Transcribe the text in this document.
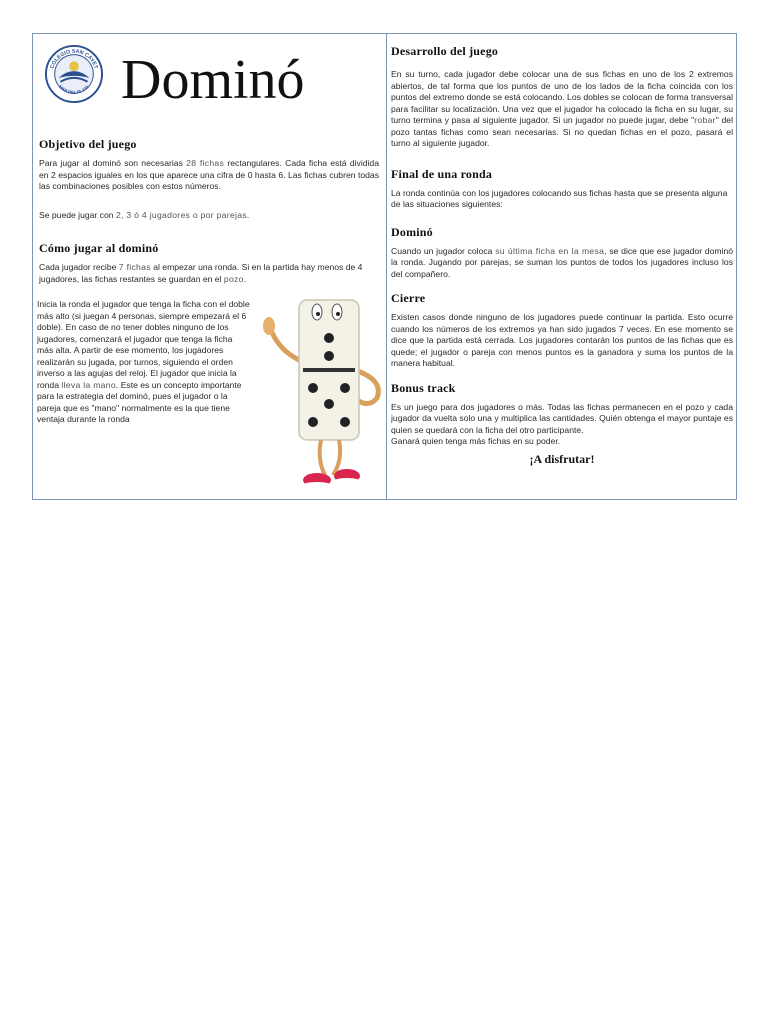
COLEGIO SAN CAYET
MAR DEL PLATA Dominó
Objetivo del juego

Para jugar al dominó son necesarias 28 fichas rectangulares. Cada ficha está dividida en 2 espacios iguales en los que aparece una cifra de 0 hasta 6. Las fichas cubren todas las combinaciones posibles con estos números.

Se puede jugar con 2, 3 ó 4 jugadores o por parejas.

Cómo jugar al dominó

Cada jugador recibe 7 fichas al empezar una ronda. Si en la partida hay menos de 4 jugadores, las fichas restantes se guardan en el pozo.

Inicia la ronda el jugador que tenga la ficha con el doble más alto (si juegan 4 personas, siempre empezará el 6 doble). En caso de no tener dobles ninguno de los jugadores, comenzará el jugador que tenga la ficha más alta. A partir de ese momento, los jugadores realizarán su jugada, por turnos, siguiendo el orden inverso a las agujas del reloj. El jugador que inicia la ronda lleva la mano. Este es un concepto importante para la estrategia del dominó, pues el jugador o la pareja que es "mano" normalmente es la que tiene ventaja durante la ronda

Desarrollo del juego

En su turno, cada jugador debe colocar una de sus fichas en uno de los 2 extremos abiertos, de tal forma que los puntos de uno de los lados de la ficha coincida con los puntos del extremo donde se está colocando. Los dobles se colocan de forma transversal para facilitar su localización. Una vez que el jugador ha colocado la ficha en su lugar, su turno termina y pasa al siguiente jugador. Si un jugador no puede jugar, debe "robar" del pozo tantas fichas como sean necesarias. Si no quedan fichas en el pozo, pasará el turno al siguiente jugador.

Final de una ronda

La ronda continúa con los jugadores colocando sus fichas hasta que se presenta alguna de las situaciones siguientes:

Dominó

Cuando un jugador coloca su última ficha en la mesa, se dice que ese jugador dominó la ronda. Jugando por parejas, se suman los puntos de todos los jugadores incluso los del compañero.

Cierre

Existen casos donde ninguno de los jugadores puede continuar la partida. Esto ocurre cuando los números de los extremos ya han sido jugados 7 veces. En ese momento se dice que la partida está cerrada. Los jugadores contarán los puntos de las fichas que es quede; el jugador o pareja con menos puntos es la ganadora y suma los puntos de la manera habitual.

Bonus track

Es un juego para dos jugadores o más. Todas las fichas permanecen en el pozo y cada jugador da vuelta solo una y multiplica las cantidades. Quién obtenga el mayor puntaje es quien se quedará con la ficha del otro participante.

Ganará quien tenga más fichas en su poder.

¡A disfrutar!
